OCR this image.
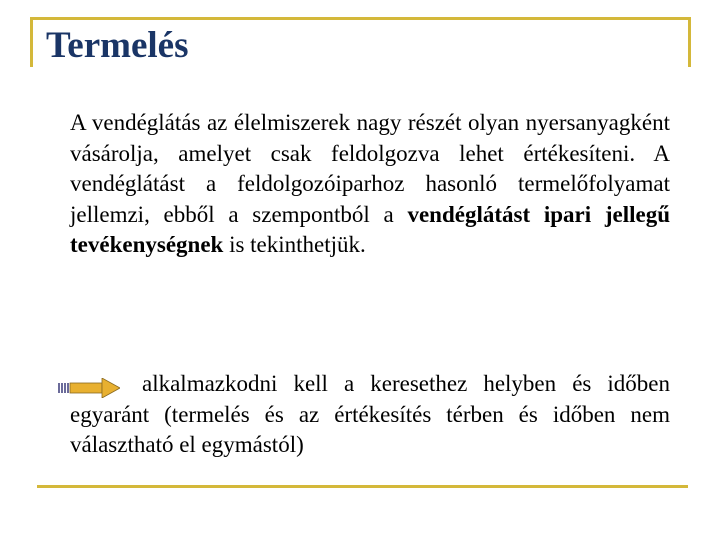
Termelés

A vendéglátás az élelmiszerek nagy részét olyan nyersanyagként vásárolja, amelyet csak feldolgozva lehet értékesíteni. A vendéglátást a feldolgozóiparhoz hasonló termelőfolyamat jellemzi, ebből a szempontból a vendéglátást ipari jellegű tevékenységnek is tekinthetjük.

alkalmazkodni kell a keresethez helyben és időben egyaránt (termelés és az értékesítés térben és időben nem választható el egymástól)
